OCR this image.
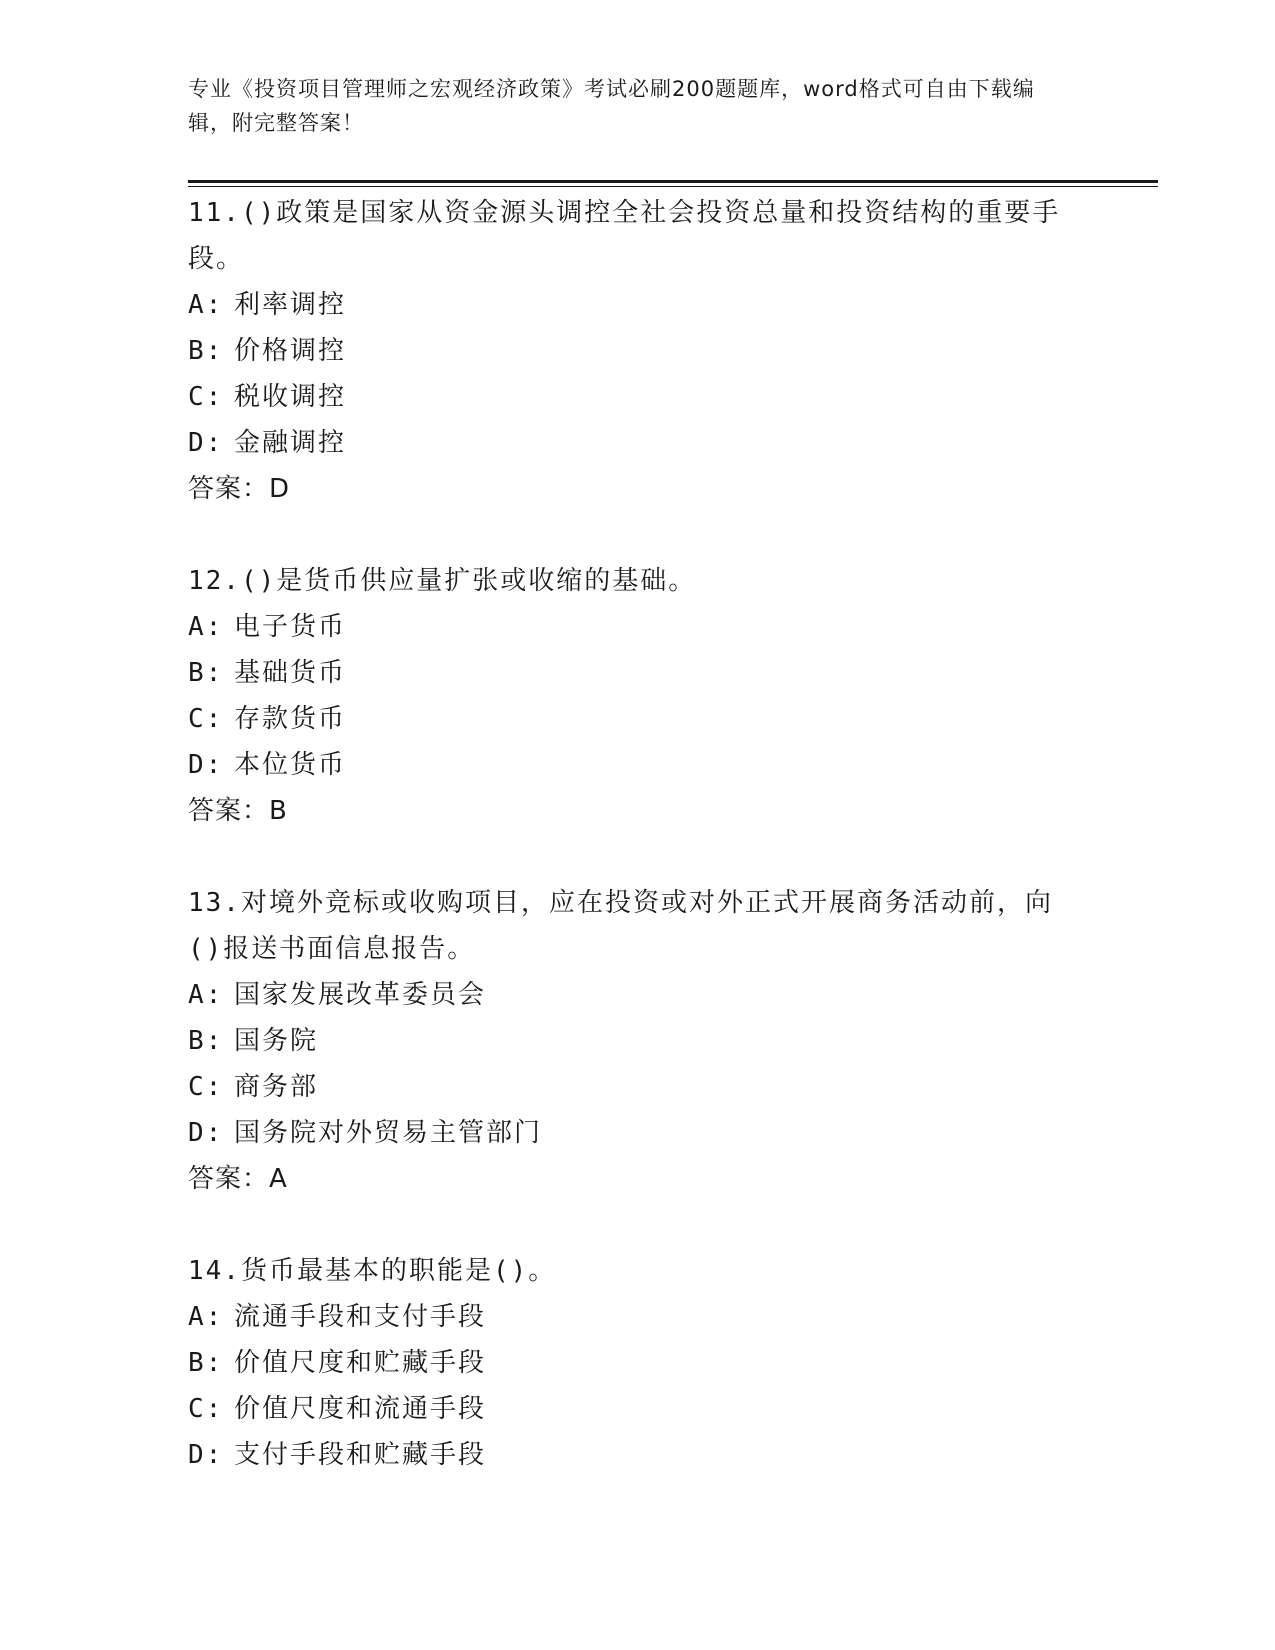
专业《投资项目管理师之宏观经济政策》考试必刷200题题库，word格式可自由下载编辑，附完整答案！
11.()政策是国家从资金源头调控全社会投资总量和投资结构的重要手段。
A: 利率调控
B: 价格调控
C: 税收调控
D: 金融调控
答案：D
12.()是货币供应量扩张或收缩的基础。
A: 电子货币
B: 基础货币
C: 存款货币
D: 本位货币
答案：B
13.对境外竞标或收购项目，应在投资或对外正式开展商务活动前，向()报送书面信息报告。
A: 国家发展改革委员会
B: 国务院
C: 商务部
D: 国务院对外贸易主管部门
答案：A
14.货币最基本的职能是()。
A: 流通手段和支付手段
B: 价值尺度和贮藏手段
C: 价值尺度和流通手段
D: 支付手段和贮藏手段
